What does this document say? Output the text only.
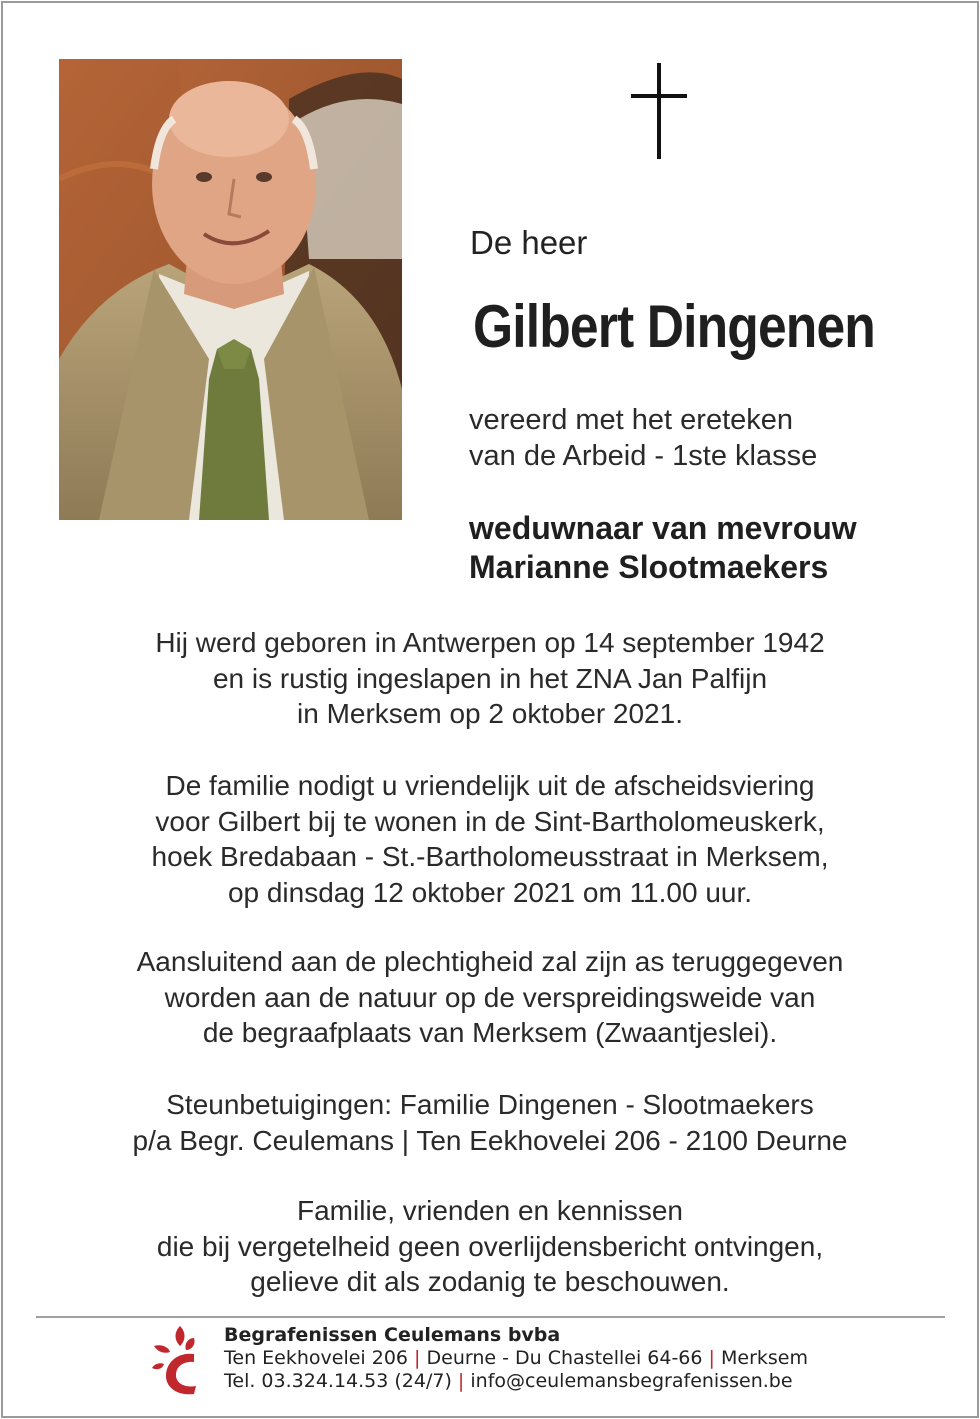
De heer
Gilbert Dingenen
vereerd met het ereteken
van de Arbeid - 1ste klasse
weduwnaar van mevrouw
Marianne Slootmaekers
Hij werd geboren in Antwerpen op 14 september 1942
en is rustig ingeslapen in het ZNA Jan Palfijn
in Merksem op 2 oktober 2021.
De familie nodigt u vriendelijk uit de afscheidsviering
voor Gilbert bij te wonen in de Sint-Bartholomeuskerk,
hoek Bredabaan - St.-Bartholomeusstraat in Merksem,
op dinsdag 12 oktober 2021 om 11.00 uur.
Aansluitend aan de plechtigheid zal zijn as teruggegeven
worden aan de natuur op de verspreidingsweide van
de begraafplaats van Merksem (Zwaantjeslei).
Steunbetuigingen: Familie Dingenen - Slootmaekers
p/a Begr. Ceulemans | Ten Eekhovelei 206 - 2100 Deurne
Familie, vrienden en kennissen
die bij vergetelheid geen overlijdensbericht ontvingen,
gelieve dit als zodanig te beschouwen.
Begrafenissen Ceulemans bvba
Ten Eekhovelei 206 | Deurne - Du Chastellei 64-66 | Merksem
Tel. 03.324.14.53 (24/7) | info@ceulemansbegrafenissen.be
